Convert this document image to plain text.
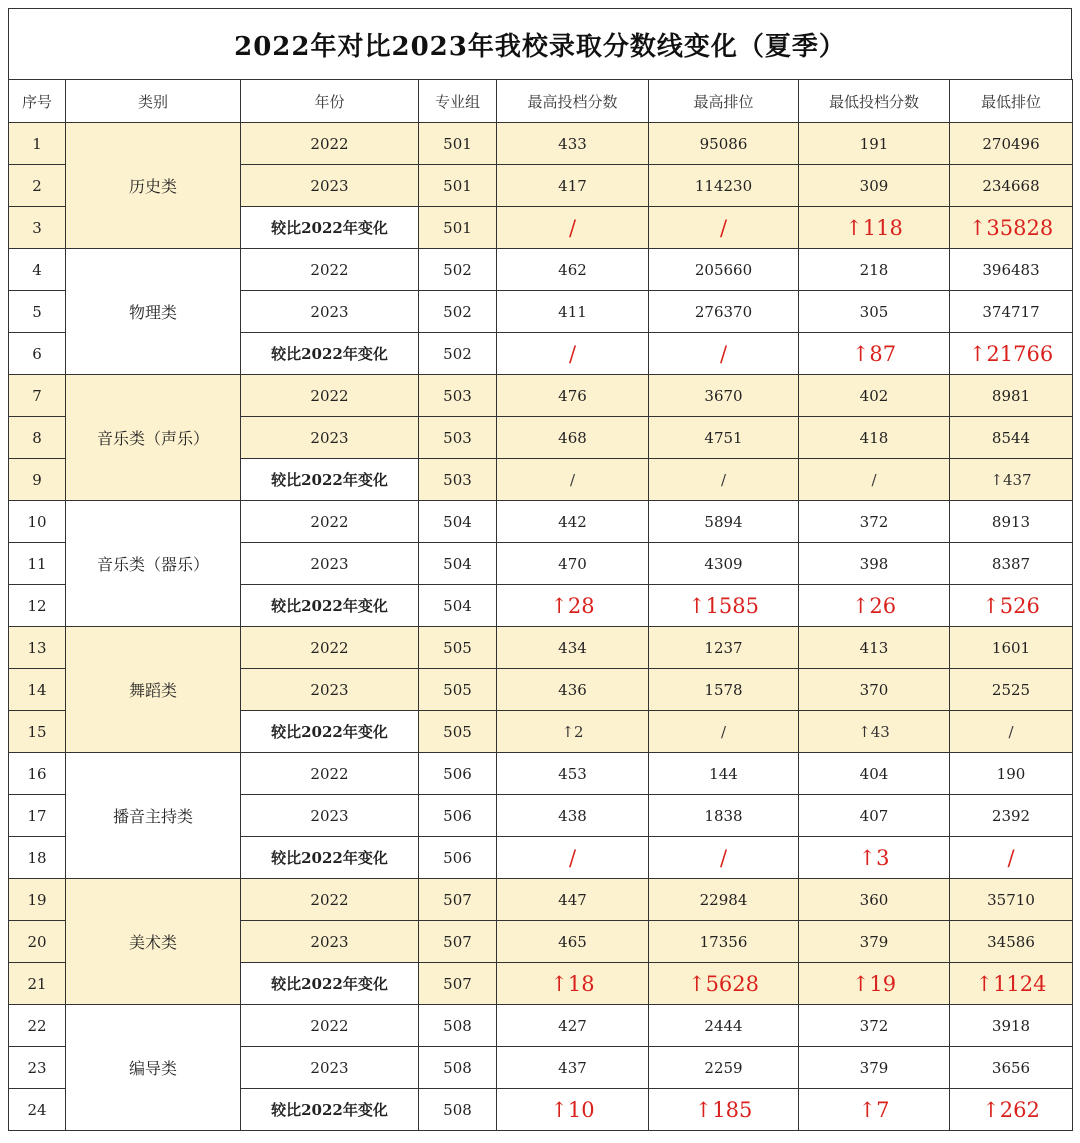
2022年对比2023年我校录取分数线变化（夏季）
序号	类别	年份	专业组	最高投档分数	最高排位	最低投档分数	最低排位
1	历史类	2022	501	433	95086	191	270496
2		2023	501	417	114230	309	234668
3		较比2022年变化	501	/	/	↑118	↑35828
4	物理类	2022	502	462	205660	218	396483
5		2023	502	411	276370	305	374717
6		较比2022年变化	502	/	/	↑87	↑21766
7	音乐类（声乐）	2022	503	476	3670	402	8981
8		2023	503	468	4751	418	8544
9		较比2022年变化	503	/	/	/	↑437
10	音乐类（器乐）	2022	504	442	5894	372	8913
11		2023	504	470	4309	398	8387
12		较比2022年变化	504	↑28	↑1585	↑26	↑526
13	舞蹈类	2022	505	434	1237	413	1601
14		2023	505	436	1578	370	2525
15		较比2022年变化	505	↑2	/	↑43	/
16	播音主持类	2022	506	453	144	404	190
17		2023	506	438	1838	407	2392
18		较比2022年变化	506	/	/	↑3	/
19	美术类	2022	507	447	22984	360	35710
20		2023	507	465	17356	379	34586
21		较比2022年变化	507	↑18	↑5628	↑19	↑1124
22	编导类	2022	508	427	2444	372	3918
23		2023	508	437	2259	379	3656
24		较比2022年变化	508	↑10	↑185	↑7	↑262
